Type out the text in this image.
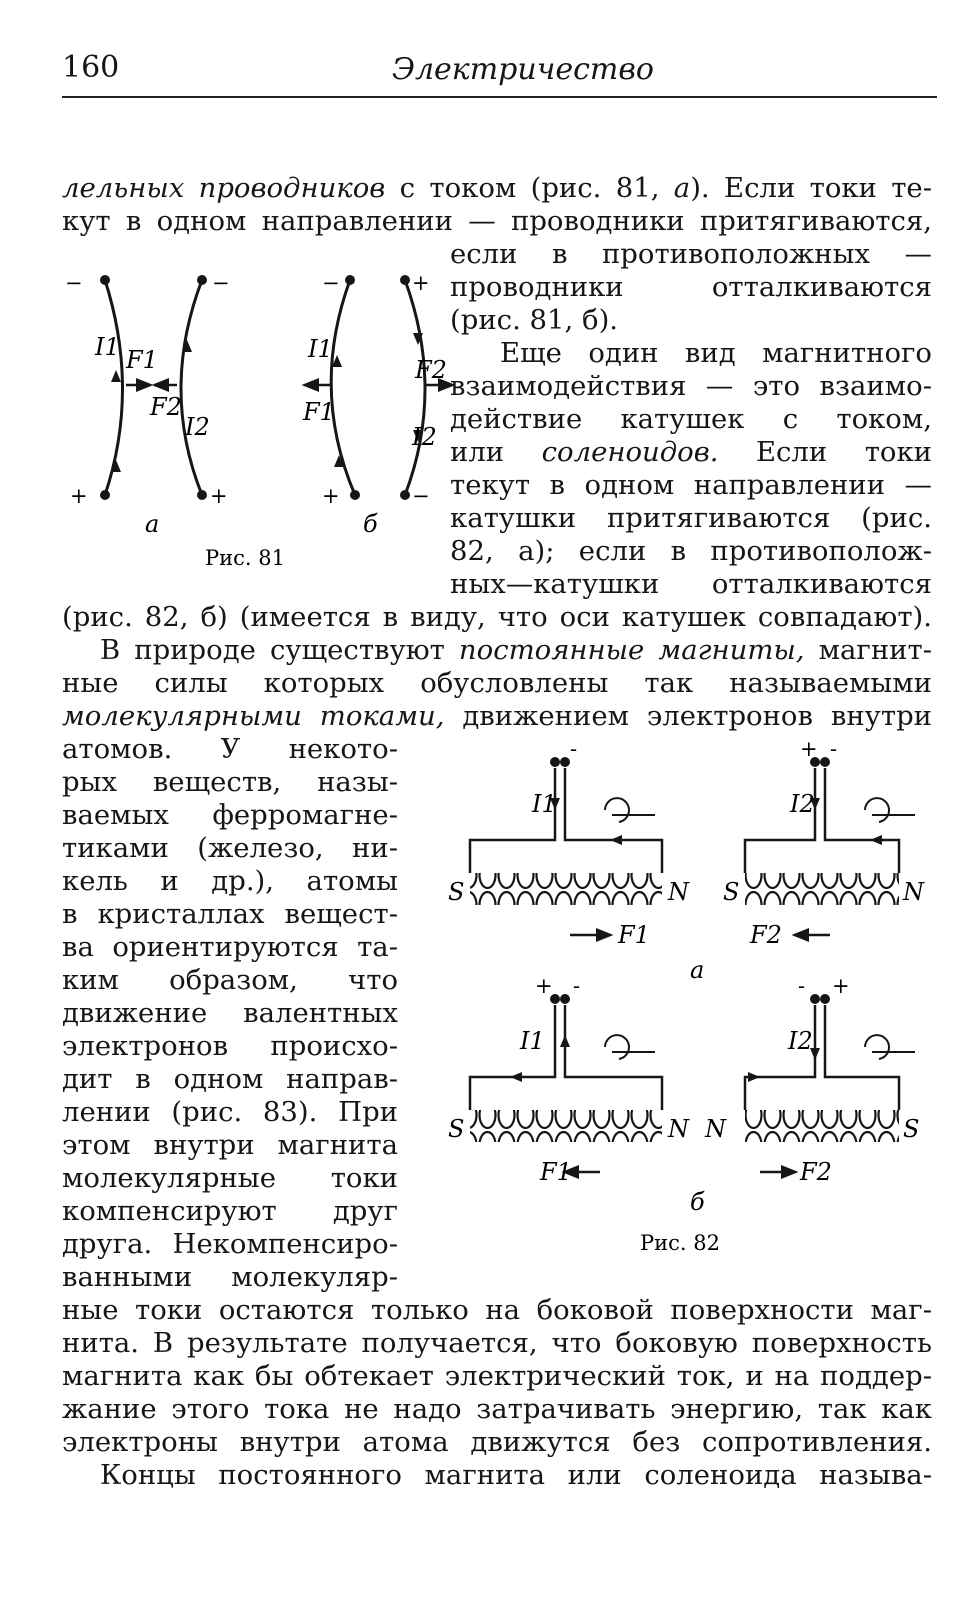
160	Электричество
лельных проводников с током (рис. 81, а). Если токи те-
кут в одном направлении — проводники притягиваются,
если в противоположных —
проводники отталкиваются
(рис. 81, б).
Еще один вид магнитного
взаимодействия — это взаимо-
действие катушек с током,
или соленоидов. Если токи
текут в одном направлении —
катушки притягиваются (рис.
82, а); если в противополож-
ных—катушки отталкиваются
(рис. 82, б) (имеется в виду, что оси катушек совпадают).
В природе существуют постоянные магниты, магнит-
ные силы которых обусловлены так называемыми
молекулярными токами, движением электронов внутри
атомов. У некото-
рых веществ, назы-
ваемых ферромагне-
тиками (железо, ни-
кель и др.), атомы
в кристаллах вещест-
ва ориентируются та-
ким образом, что
движение валентных
электронов происхо-
дит в одном направ-
лении (рис. 83). При
этом внутри магнита
молекулярные токи
компенсируют друг
друга. Некомпенсиро-
ванными молекуляр-
ные токи остаются только на боковой поверхности маг-
нита. В результате получается, что боковую поверхность
магнита как бы обтекает электрический ток, и на поддер-
жание этого тока не надо затрачивать энергию, так как
электроны внутри атома движутся без сопротивления.
Концы постоянного магнита или соленоида называ-
−	−	−	+
+	+	+	−
I1 F1
F2
I2
I1
F1
F2
I2
а	б
Рис. 81
S	N S	N
I1	I2
-	+ -
F1	F2
а
S	N N	S
I1	I2
+ -	- +
F1	F2
б
Рис. 82
